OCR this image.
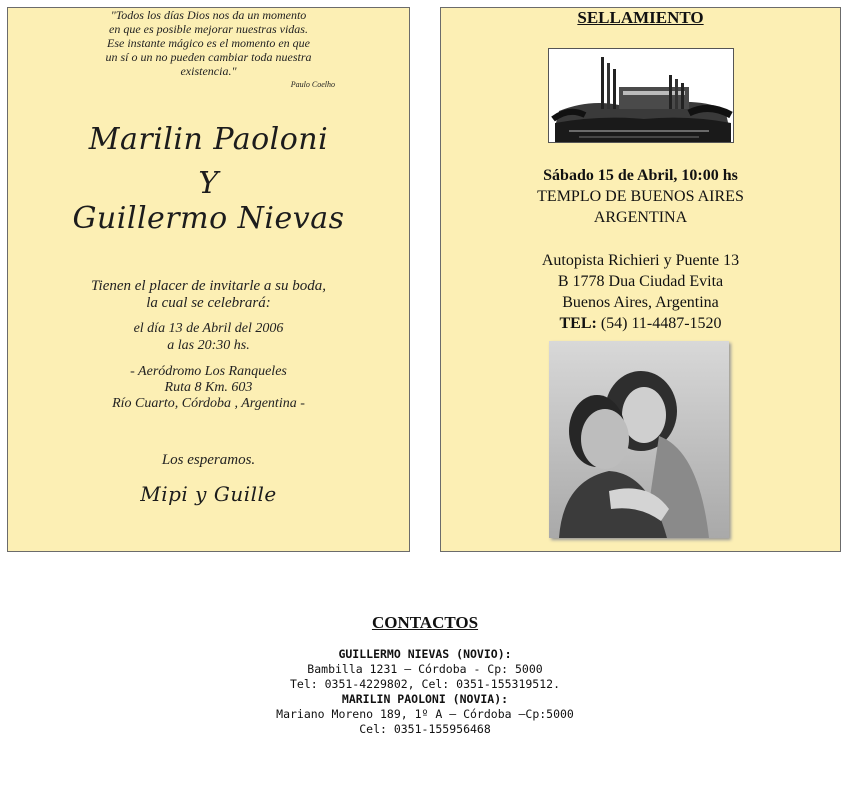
"Todos los días Dios nos da un momento
en que es posible mejorar nuestras vidas.
Ese instante mágico es el momento en que
un sí o un no pueden cambiar toda nuestra
existencia."
Paulo Coelho
Marilin Paoloni
Y
Guillermo Nievas
Tienen el placer de invitarle a su boda,
la cual se celebrará:
el día 13 de Abril del 2006
a las 20:30 hs.
- Aeródromo Los Ranqueles
Ruta 8 Km. 603
Río Cuarto, Córdoba , Argentina -
Los esperamos.
Mipi y Guille
SELLAMIENTO
Sábado 15 de Abril, 10:00 hs
TEMPLO DE BUENOS AIRES
ARGENTINA
Autopista Richieri y Puente 13
B 1778 Dua Ciudad Evita
Buenos Aires, Argentina
TEL: (54) 11-4487-1520
CONTACTOS
GUILLERMO NIEVAS (NOVIO):
Bambilla 1231 – Córdoba - Cp: 5000
Tel: 0351-4229802, Cel: 0351-155319512.
MARILIN PAOLONI (NOVIA):
Mariano Moreno 189, 1º A – Córdoba –Cp:5000
Cel: 0351-155956468
